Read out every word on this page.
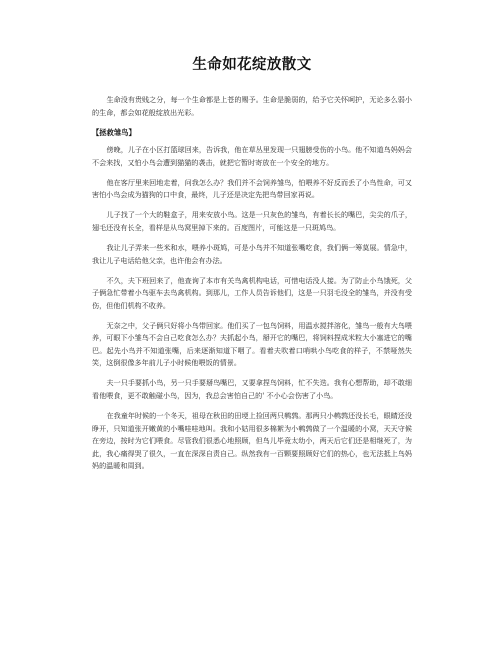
生命如花绽放散文

生命没有贵贱之分，每一个生命都是上苍的赐予。生命是脆弱的，给予它关怀呵护，无论多么弱小的生命，都会如花般绽放出光彩。

【拯救雏鸟】

傍晚，儿子在小区打篮球回来，告诉我，他在草丛里发现一只翅膀受伤的小鸟。他不知道鸟妈妈会不会来找，又怕小鸟会遭到猫猫的袭击，就把它暂时寄放在一个安全的地方。

他在客厅里来回地走着，问我怎么办？我们并不会饲养雏鸟，怕喂养不好反而丢了小鸟性命，可又害怕小鸟会成为猫狗的口中食，最终，儿子还是决定先把鸟带回家再说。

儿子找了一个大的鞋盒子，用来安放小鸟。这是一只灰色的雏鸟，有着长长的嘴巴，尖尖的爪子，翅毛还没有长全，看样是从鸟窝里掉下来的。百度图片，可能这是一只斑鸠鸟。

我让儿子弄来一些米和水，喂养小斑鸠，可是小鸟并不知道张嘴吃食，我们俩一筹莫展。情急中，我让儿子电话给他父亲，也许他会有办法。

不久，夫下班回来了，他查询了本市有关鸟禽机构电话，可惜电话没人接。为了防止小鸟饿死，父子俩急忙带着小鸟驱车去鸟禽机构。到那儿，工作人员告诉他们，这是一只羽毛没全的雏鸟，并没有受伤，但他们机构不收养。

无奈之中，父子俩只好将小鸟带回家。他们买了一包鸟饲料，用温水搅拌溶化，雏鸟一般有大鸟喂养，可眼下小雏鸟不会自己吃食怎么办？夫抓起小鸟，掰开它的嘴巴，将饲料捏成米粒大小塞进它的嘴巴。起先小鸟并不知道张嘴，后来逐渐知道下咽了。看着夫吹着口哨哄小鸟吃食的样子，不禁哑然失笑，这倒很像多年前儿子小时候他喂饭的情景。

夫一只手要抓小鸟，另一只手要掰鸟嘴巴，又要拿捏鸟饲料，忙不失迭。我有心想帮助，却不敢细看他喂食，更不敢触碰小鸟，因为，我总会害怕自己的' 不小心会伤害了小鸟。

在我童年时候的一个冬天，祖母在秋田的田埂上捡回两只鹌鹑。那两只小鹌鹑还没长毛，眼睛还没睁开，只知道张开嫩黄的小嘴哇哇地叫。我和小姑用很多棉絮为小鹌鹑做了一个温暖的小窝，天天守候在旁边，按时为它们喂食。尽管我们很悉心地照顾，但鸟儿毕竟太幼小，两天后它们还是相继死了，为此，我心痛得哭了很久，一直在深深自责自己。纵然我有一百颗要照顾好它们的热心，也无法抵上鸟妈妈的温暖和周到。
